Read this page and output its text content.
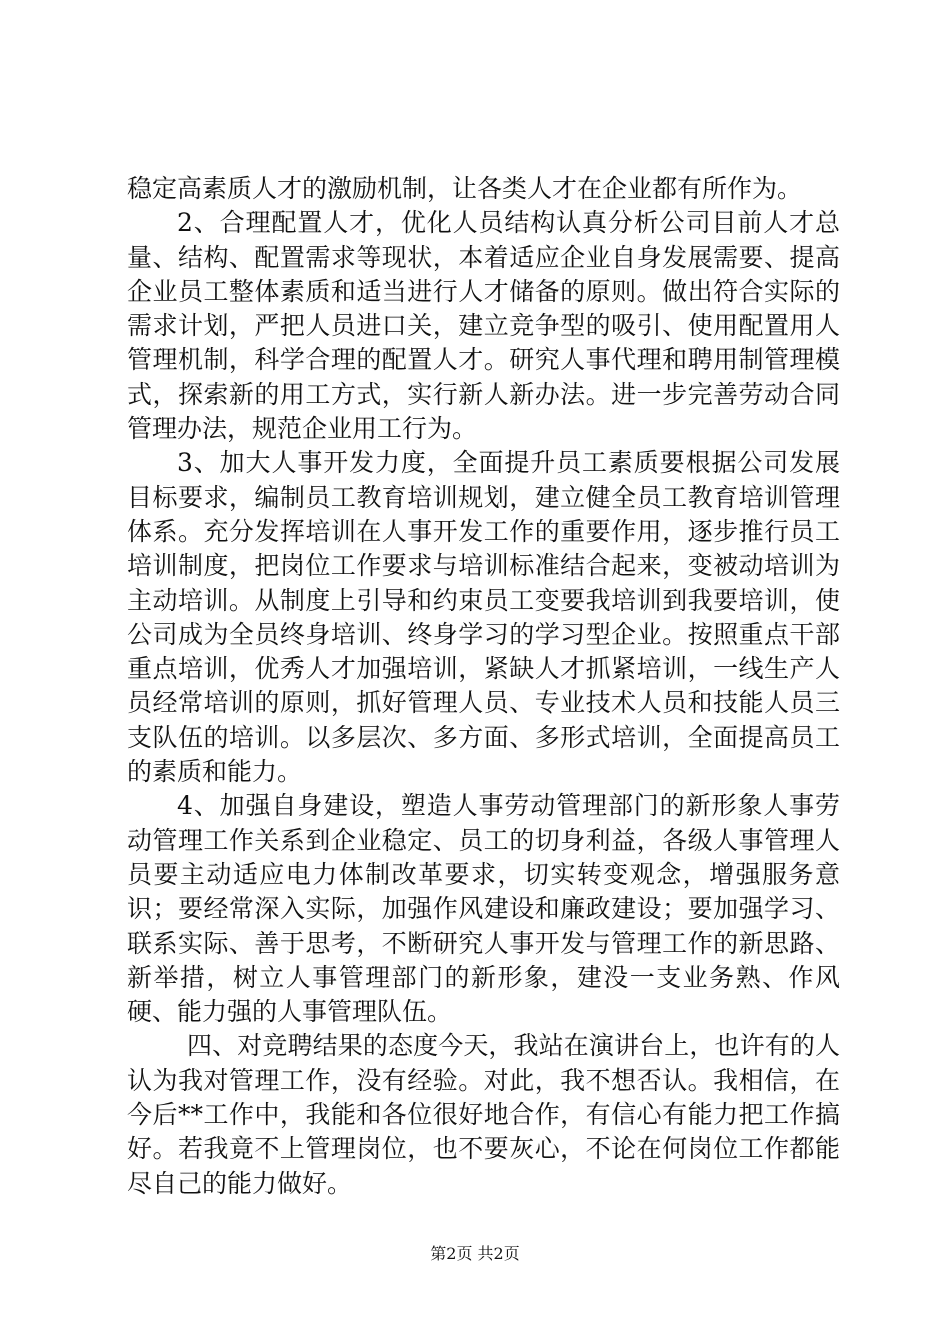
稳定高素质人才的激励机制，让各类人才在企业都有所作为。

2、合理配置人才，优化人员结构认真分析公司目前人才总量、结构、配置需求等现状，本着适应企业自身发展需要、提高企业员工整体素质和适当进行人才储备的原则。做出符合实际的需求计划，严把人员进口关，建立竞争型的吸引、使用配置用人管理机制，科学合理的配置人才。研究人事代理和聘用制管理模式，探索新的用工方式，实行新人新办法。进一步完善劳动合同管理办法，规范企业用工行为。

3、加大人事开发力度，全面提升员工素质要根据公司发展目标要求，编制员工教育培训规划，建立健全员工教育培训管理体系。充分发挥培训在人事开发工作的重要作用，逐步推行员工培训制度，把岗位工作要求与培训标准结合起来，变被动培训为主动培训。从制度上引导和约束员工变要我培训到我要培训，使公司成为全员终身培训、终身学习的学习型企业。按照重点干部重点培训，优秀人才加强培训，紧缺人才抓紧培训，一线生产人员经常培训的原则，抓好管理人员、专业技术人员和技能人员三支队伍的培训。以多层次、多方面、多形式培训，全面提高员工的素质和能力。

4、加强自身建设，塑造人事劳动管理部门的新形象人事劳动管理工作关系到企业稳定、员工的切身利益，各级人事管理人员要主动适应电力体制改革要求，切实转变观念，增强服务意识；要经常深入实际，加强作风建设和廉政建设；要加强学习、联系实际、善于思考，不断研究人事开发与管理工作的新思路、新举措，树立人事管理部门的新形象，建没一支业务熟、作风硬、能力强的人事管理队伍。

四、对竞聘结果的态度今天，我站在演讲台上，也许有的人认为我对管理工作，没有经验。对此，我不想否认。我相信，在今后**工作中，我能和各位很好地合作，有信心有能力把工作搞好。若我竟不上管理岗位，也不要灰心，不论在何岗位工作都能尽自己的能力做好。

第2页 共2页
